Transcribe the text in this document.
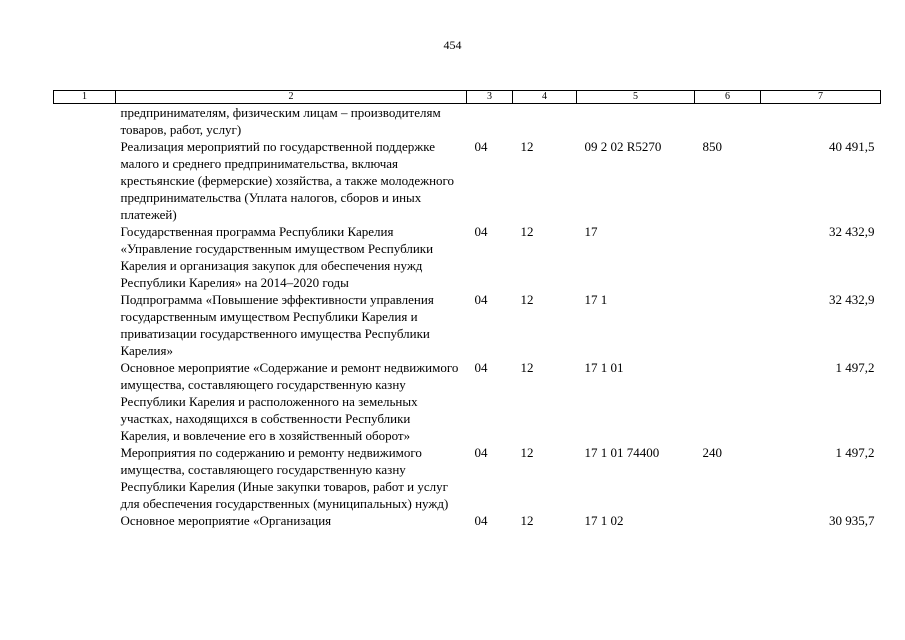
454
1	2	3	4	5	6	7
	предпринимателям, физическим лицам – производителям товаров, работ, услуг)					
	Реализация мероприятий по государственной поддержке малого и среднего предпринимательства, включая крестьянские (фермерские) хозяйства, а также молодежного предпринимательства (Уплата налогов, сборов и иных платежей)	04	12	09 2 02 R5270	850	40 491,5
	Государственная программа Республики Карелия «Управление государственным имуществом Республики Карелия и организация закупок для обеспечения нужд Республики Карелия» на 2014–2020 годы	04	12	17		32 432,9
	Подпрограмма «Повышение эффективности управления государственным имуществом Республики Карелия и приватизации государственного имущества Республики Карелия»	04	12	17 1		32 432,9
	Основное мероприятие «Содержание и ремонт недвижимого имущества, составляющего государственную казну Республики Карелия и расположенного на земельных участках, находящихся в собственности Республики Карелия, и вовлечение его в хозяйственный оборот»	04	12	17 1 01		1 497,2
	Мероприятия по содержанию и ремонту недвижимого имущества, составляющего государственную казну Республики Карелия (Иные закупки товаров, работ и услуг для обеспечения государственных (муниципальных) нужд)	04	12	17 1 01 74400	240	1 497,2
	Основное мероприятие «Организация	04	12	17 1 02		30 935,7
